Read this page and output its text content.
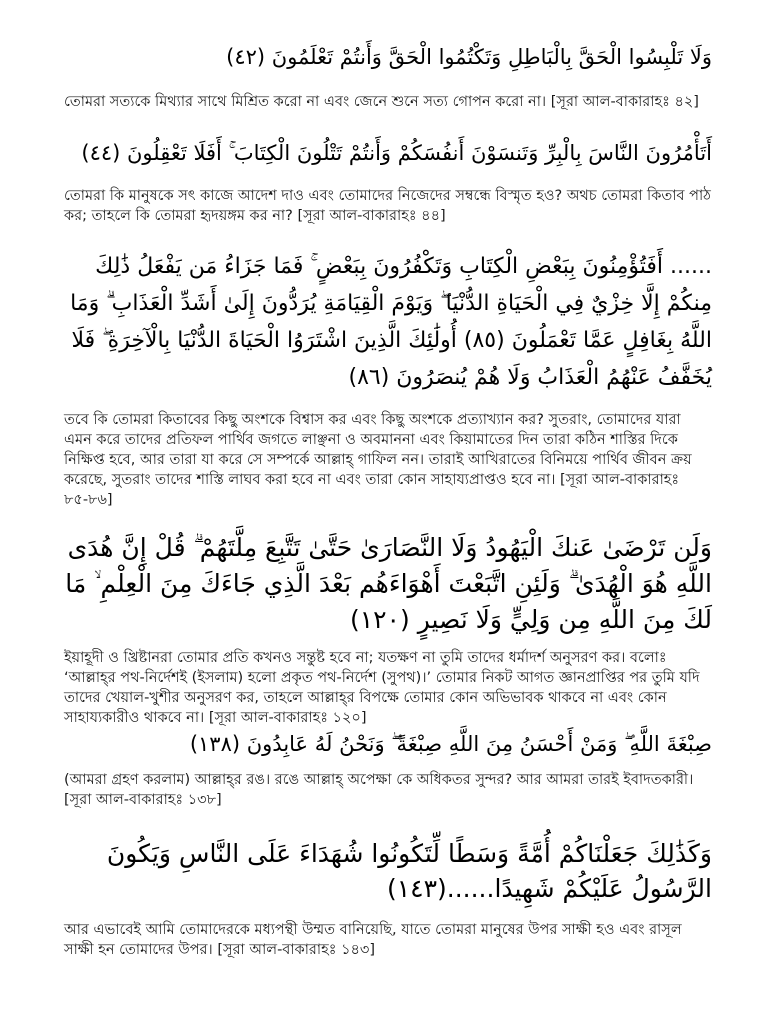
وَلَا تَلْبِسُوا الْحَقَّ بِالْبَاطِلِ وَتَكْتُمُوا الْحَقَّ وَأَنتُمْ تَعْلَمُونَ (٤٢)

তোমরা সত্যকে মিথ্যার সাথে মিশ্রিত করো না এবং জেনে শুনে সত্য গোপন করো না। [সূরা আল-বাকারাহঃ ৪২]

أَتَأْمُرُونَ النَّاسَ بِالْبِرِّ وَتَنسَوْنَ أَنفُسَكُمْ وَأَنتُمْ تَتْلُونَ الْكِتَابَ ۚ أَفَلَا تَعْقِلُونَ (٤٤)

তোমরা কি মানুষকে সৎ কাজে আদেশ দাও এবং তোমাদের নিজেদের সম্বন্ধে বিস্মৃত হও? অথচ তোমরা কিতাব পাঠ কর; তাহলে কি তোমরা হৃদয়ঙ্গম কর না? [সূরা আল-বাকারাহঃ ৪৪]

...... أَفَتُؤْمِنُونَ بِبَعْضِ الْكِتَابِ وَتَكْفُرُونَ بِبَعْضٍ ۚ فَمَا جَزَاءُ مَن يَفْعَلُ ذَٰلِكَ مِنكُمْ إِلَّا خِزْيٌ فِي الْحَيَاةِ الدُّنْيَا ۖ وَيَوْمَ الْقِيَامَةِ يُرَدُّونَ إِلَىٰ أَشَدِّ الْعَذَابِ ۗ وَمَا اللَّهُ بِغَافِلٍ عَمَّا تَعْمَلُونَ (٨٥) أُولَٰئِكَ الَّذِينَ اشْتَرَوُا الْحَيَاةَ الدُّنْيَا بِالْآخِرَةِ ۖ فَلَا يُخَفَّفُ عَنْهُمُ الْعَذَابُ وَلَا هُمْ يُنصَرُونَ (٨٦)

তবে কি তোমরা কিতাবের কিছু অংশকে বিশ্বাস কর এবং কিছু অংশকে প্রত্যাখ্যান কর? সুতরাং, তোমাদের যারা এমন করে তাদের প্রতিফল পার্থিব জগতে লাঞ্ছনা ও অবমাননা এবং কিয়ামাতের দিন তারা কঠিন শাস্তির দিকে নিক্ষিপ্ত হবে, আর তারা যা করে সে সম্পর্কে আল্লাহ্ গাফিল নন। তারাই আখিরাতের বিনিময়ে পার্থিব জীবন ক্রয় করেছে, সুতরাং তাদের শাস্তি লাঘব করা হবে না এবং তারা কোন সাহায্যপ্রাপ্তও হবে না। [সূরা আল-বাকারাহঃ ৮৫-৮৬]

وَلَن تَرْضَىٰ عَنكَ الْيَهُودُ وَلَا النَّصَارَىٰ حَتَّىٰ تَتَّبِعَ مِلَّتَهُمْ ۗ قُلْ إِنَّ هُدَى اللَّهِ هُوَ الْهُدَىٰ ۗ وَلَئِنِ اتَّبَعْتَ أَهْوَاءَهُم بَعْدَ الَّذِي جَاءَكَ مِنَ الْعِلْمِ ۙ مَا لَكَ مِنَ اللَّهِ مِن وَلِيٍّ وَلَا نَصِيرٍ (١٢٠)

ইয়াহূদী ও খ্রিষ্টানরা তোমার প্রতি কখনও সন্তুষ্ট হবে না; যতক্ষণ না তুমি তাদের ধর্মাদর্শ অনুসরণ কর। বলোঃ ‘আল্লাহ্‌র পথ-নির্দেশই (ইসলাম) হলো প্রকৃত পথ-নির্দেশ (সুপথ)।’ তোমার নিকট আগত জ্ঞানপ্রাপ্তির পর তুমি যদি তাদের খেয়াল-খুশীর অনুসরণ কর, তাহলে আল্লাহ্‌র বিপক্ষে তোমার কোন অভিভাবক থাকবে না এবং কোন সাহায্যকারীও থাকবে না। [সূরা আল-বাকারাহঃ ১২০]

صِبْغَةَ اللَّهِ ۖ وَمَنْ أَحْسَنُ مِنَ اللَّهِ صِبْغَةً ۖ وَنَحْنُ لَهُ عَابِدُونَ (١٣٨)

(আমরা গ্রহণ করলাম) আল্লাহ্‌র রঙ। রঙে আল্লাহ্‌ অপেক্ষা কে অধিকতর সুন্দর? আর আমরা তারই ইবাদতকারী। [সূরা আল-বাকারাহঃ ১৩৮]

وَكَذَٰلِكَ جَعَلْنَاكُمْ أُمَّةً وَسَطًا لِّتَكُونُوا شُهَدَاءَ عَلَى النَّاسِ وَيَكُونَ الرَّسُولُ عَلَيْكُمْ شَهِيدًا......(١٤٣)

আর এভাবেই আমি তোমাদেরকে মধ্যপন্থী উম্মত বানিয়েছি, যাতে তোমরা মানুষের উপর সাক্ষী হও এবং রাসূল সাক্ষী হন তোমাদের উপর। [সূরা আল-বাকারাহঃ ১৪৩]
